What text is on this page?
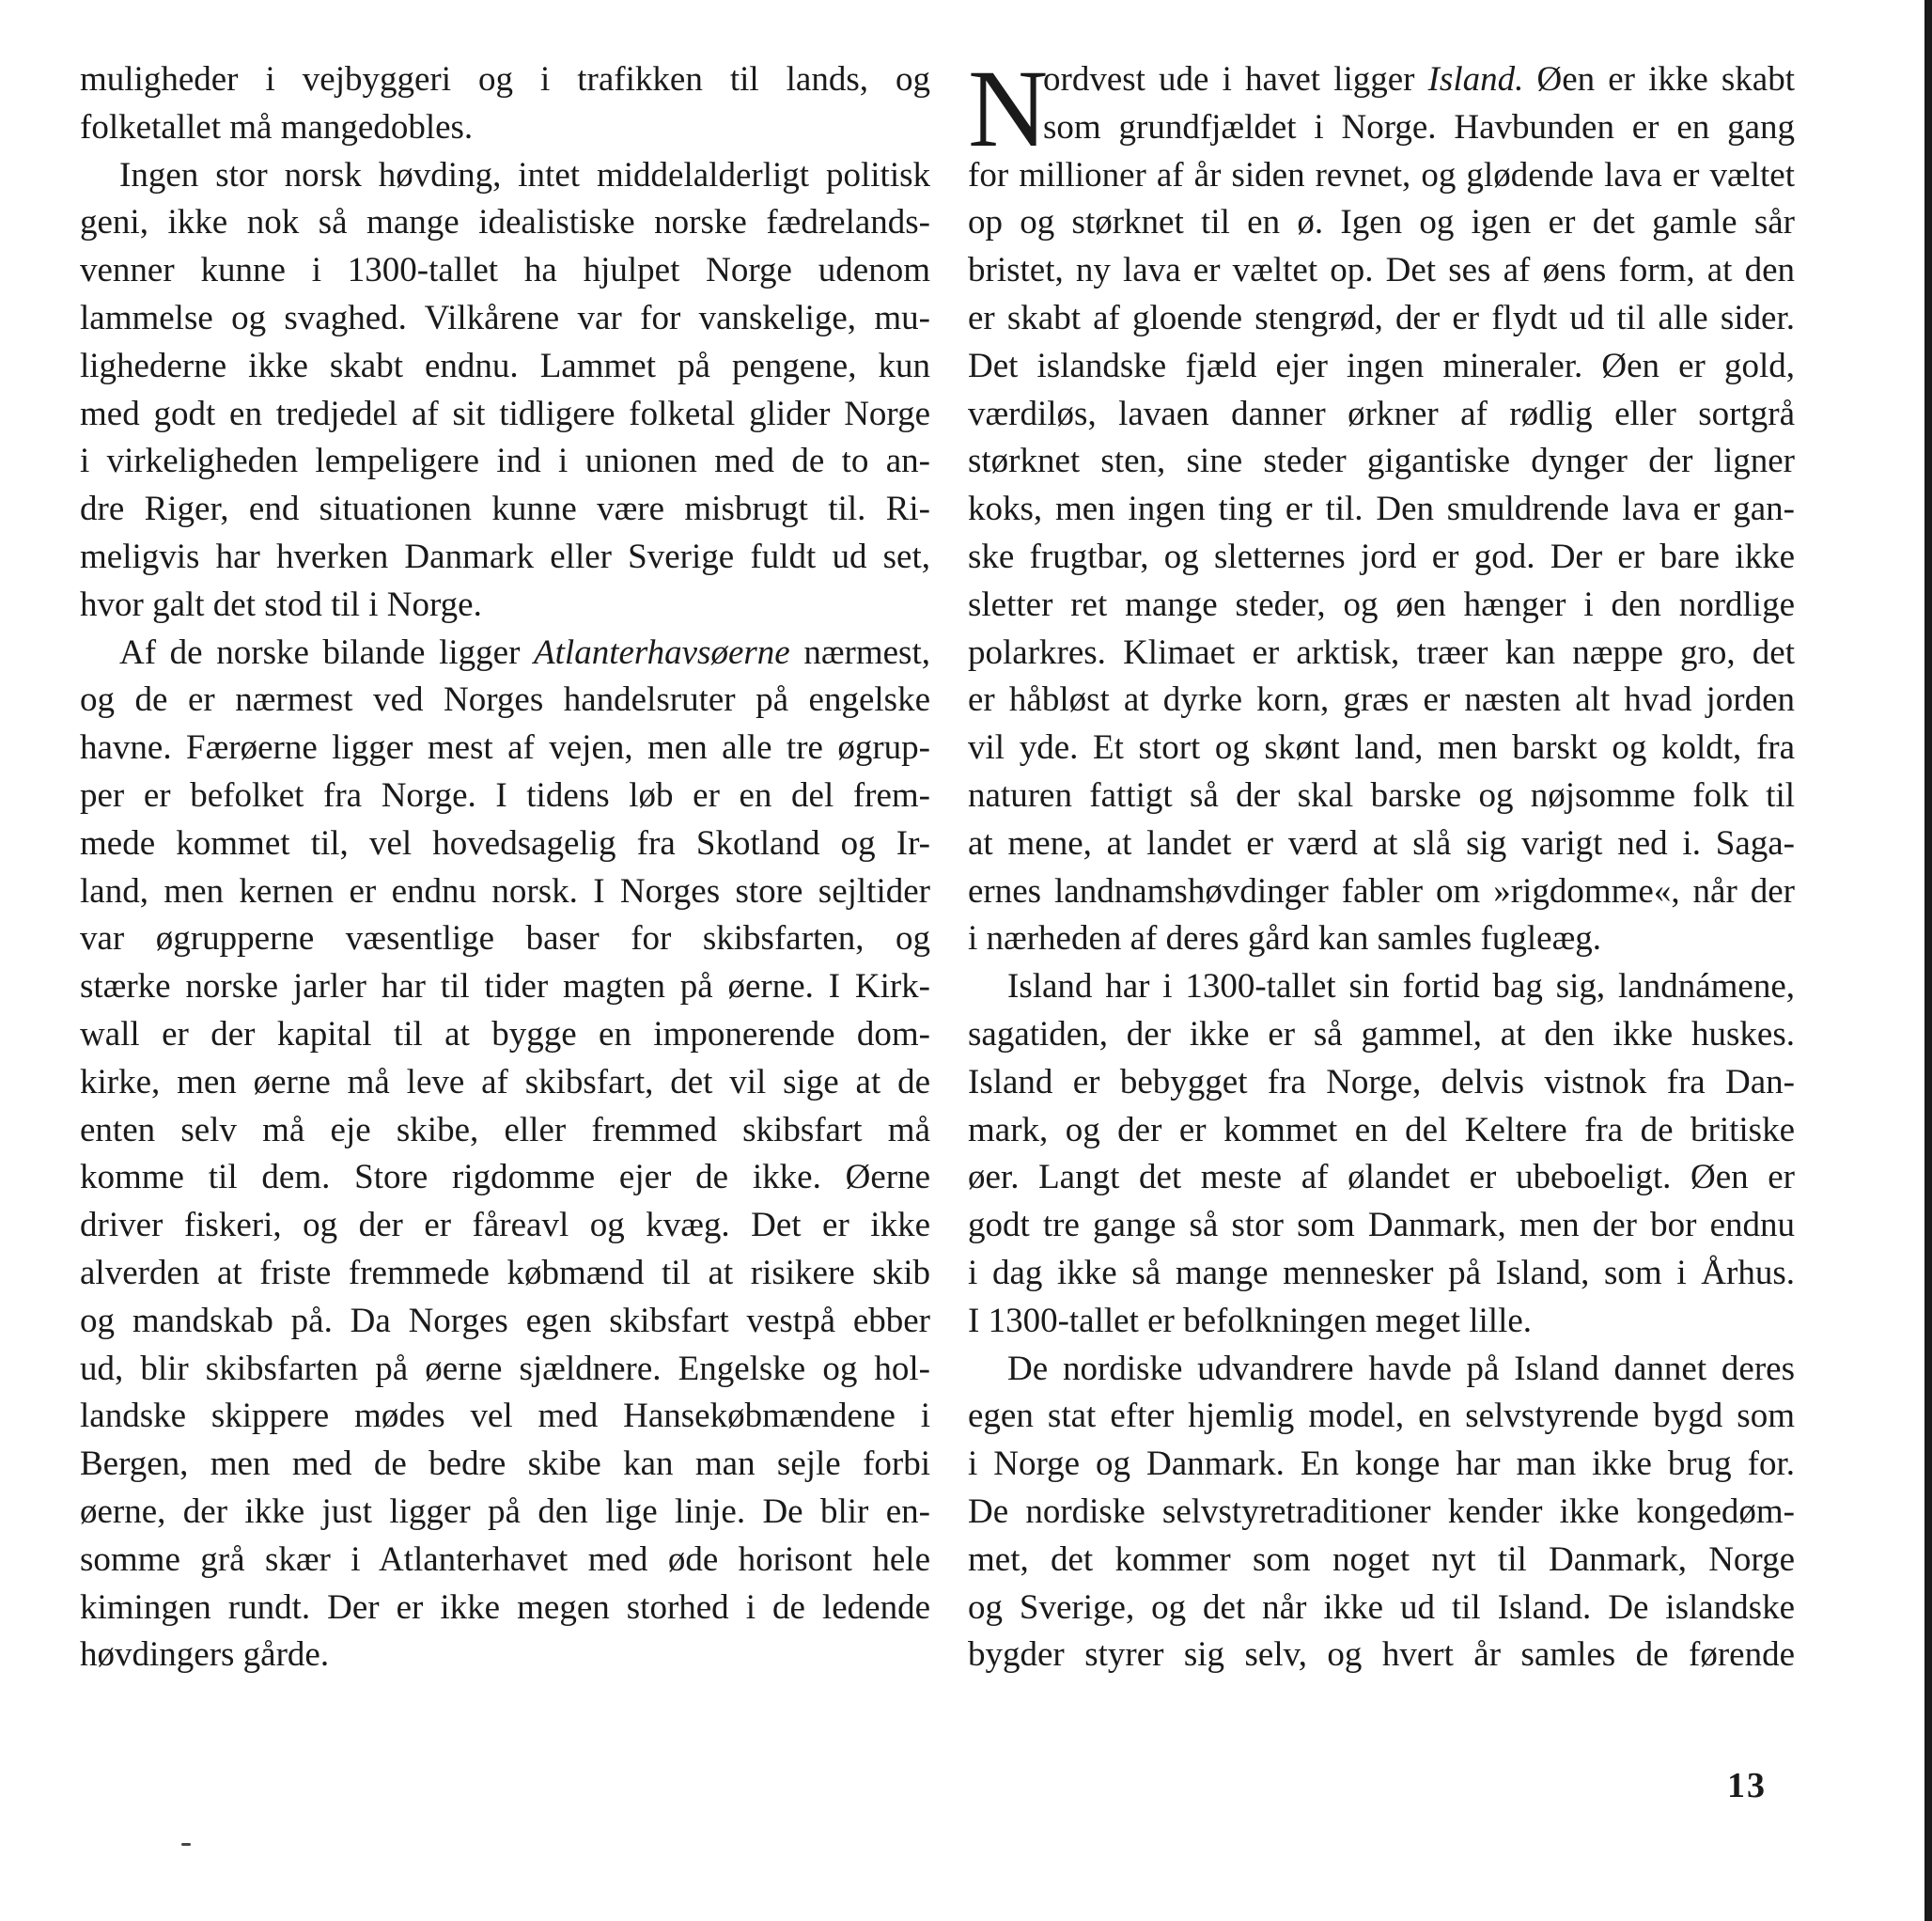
muligheder i vejbyggeri og i trafikken til lands, og
folketallet må mangedobles.
Ingen stor norsk høvding, intet middelalderligt politisk
geni, ikke nok så mange idealistiske norske fædrelands-
venner kunne i 1300-tallet ha hjulpet Norge udenom
lammelse og svaghed. Vilkårene var for vanskelige, mu-
lighederne ikke skabt endnu. Lammet på pengene, kun
med godt en tredjedel af sit tidligere folketal glider Norge
i virkeligheden lempeligere ind i unionen med de to an-
dre Riger, end situationen kunne være misbrugt til. Ri-
meligvis har hverken Danmark eller Sverige fuldt ud set,
hvor galt det stod til i Norge.
Af de norske bilande ligger Atlanterhavsøerne nærmest,
og de er nærmest ved Norges handelsruter på engelske
havne. Færøerne ligger mest af vejen, men alle tre øgrup-
per er befolket fra Norge. I tidens løb er en del frem-
mede kommet til, vel hovedsagelig fra Skotland og Ir-
land, men kernen er endnu norsk. I Norges store sejltider
var øgrupperne væsentlige baser for skibsfarten, og
stærke norske jarler har til tider magten på øerne. I Kirk-
wall er der kapital til at bygge en imponerende dom-
kirke, men øerne må leve af skibsfart, det vil sige at de
enten selv må eje skibe, eller fremmed skibsfart må
komme til dem. Store rigdomme ejer de ikke. Øerne
driver fiskeri, og der er fåreavl og kvæg. Det er ikke
alverden at friste fremmede købmænd til at risikere skib
og mandskab på. Da Norges egen skibsfart vestpå ebber
ud, blir skibsfarten på øerne sjældnere. Engelske og hol-
landske skippere mødes vel med Hansekøbmændene i
Bergen, men med de bedre skibe kan man sejle forbi
øerne, der ikke just ligger på den lige linje. De blir en-
somme grå skær i Atlanterhavet med øde horisont hele
kimingen rundt. Der er ikke megen storhed i de ledende
høvdingers gårde.
N
ordvest ude i havet ligger Island. Øen er ikke skabt
som grundfjældet i Norge. Havbunden er en gang
for millioner af år siden revnet, og glødende lava er væltet
op og størknet til en ø. Igen og igen er det gamle sår
bristet, ny lava er væltet op. Det ses af øens form, at den
er skabt af gloende stengrød, der er flydt ud til alle sider.
Det islandske fjæld ejer ingen mineraler. Øen er gold,
værdiløs, lavaen danner ørkner af rødlig eller sortgrå
størknet sten, sine steder gigantiske dynger der ligner
koks, men ingen ting er til. Den smuldrende lava er gan-
ske frugtbar, og sletternes jord er god. Der er bare ikke
sletter ret mange steder, og øen hænger i den nordlige
polarkres. Klimaet er arktisk, træer kan næppe gro, det
er håbløst at dyrke korn, græs er næsten alt hvad jorden
vil yde. Et stort og skønt land, men barskt og koldt, fra
naturen fattigt så der skal barske og nøjsomme folk til
at mene, at landet er værd at slå sig varigt ned i. Saga-
ernes landnamshøvdinger fabler om »rigdomme«, når der
i nærheden af deres gård kan samles fugleæg.
Island har i 1300-tallet sin fortid bag sig, landnámene,
sagatiden, der ikke er så gammel, at den ikke huskes.
Island er bebygget fra Norge, delvis vistnok fra Dan-
mark, og der er kommet en del Keltere fra de britiske
øer. Langt det meste af ølandet er ubeboeligt. Øen er
godt tre gange så stor som Danmark, men der bor endnu
i dag ikke så mange mennesker på Island, som i Århus.
I 1300-tallet er befolkningen meget lille.
De nordiske udvandrere havde på Island dannet deres
egen stat efter hjemlig model, en selvstyrende bygd som
i Norge og Danmark. En konge har man ikke brug for.
De nordiske selvstyretraditioner kender ikke kongedøm-
met, det kommer som noget nyt til Danmark, Norge
og Sverige, og det når ikke ud til Island. De islandske
bygder styrer sig selv, og hvert år samles de førende
13
